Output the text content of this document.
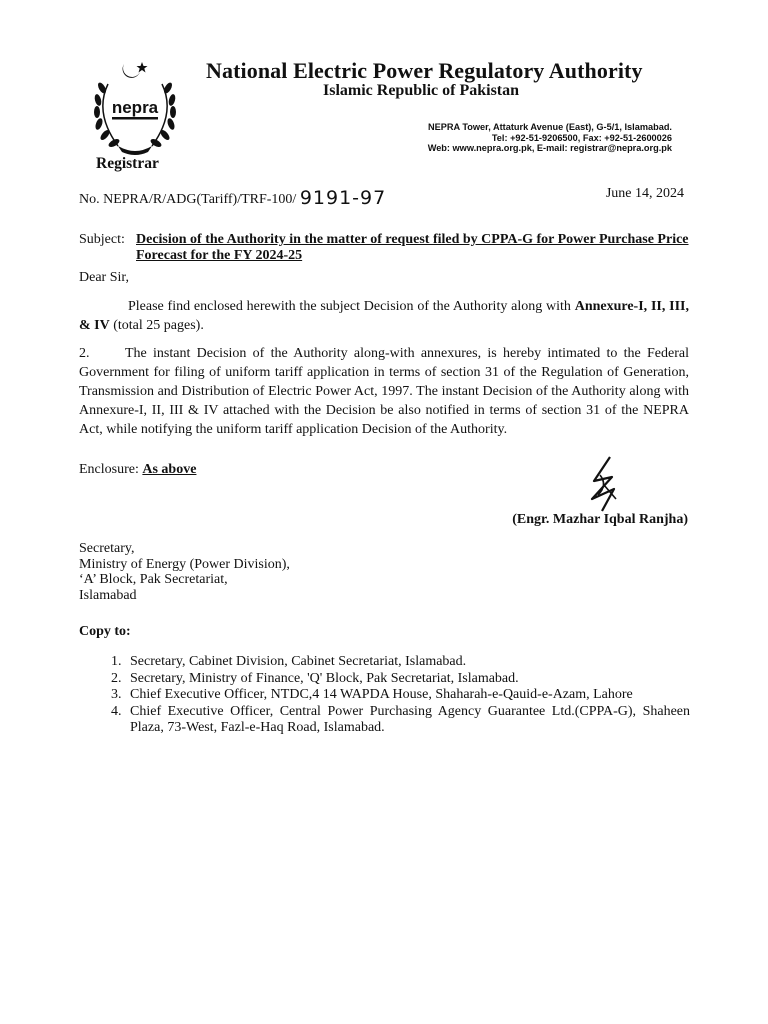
nepra
Registrar
National Electric Power Regulatory Authority
Islamic Republic of Pakistan
NEPRA Tower, Attaturk Avenue (East), G-5/1, Islamabad.
Tel: +92-51-9206500, Fax: +92-51-2600026
Web: www.nepra.org.pk, E-mail: registrar@nepra.org.pk
No. NEPRA/R/ADG(Tariff)/TRF-100/ 9191-97	June 14, 2024
Subject: Decision of the Authority in the matter of request filed by CPPA-G for Power Purchase Price Forecast for the FY 2024-25
Dear Sir,
Please find enclosed herewith the subject Decision of the Authority along with Annexure-I, II, III, & IV (total 25 pages).
2.	The instant Decision of the Authority along-with annexures, is hereby intimated to the Federal Government for filing of uniform tariff application in terms of section 31 of the Regulation of Generation, Transmission and Distribution of Electric Power Act, 1997. The instant Decision of the Authority along with Annexure-I, II, III & IV attached with the Decision be also notified in terms of section 31 of the NEPRA Act, while notifying the uniform tariff application Decision of the Authority.
Enclosure: As above
(Engr. Mazhar Iqbal Ranjha)
Secretary,
Ministry of Energy (Power Division),
‘A’ Block, Pak Secretariat,
Islamabad
Copy to:
1. Secretary, Cabinet Division, Cabinet Secretariat, Islamabad.
2. Secretary, Ministry of Finance, 'Q' Block, Pak Secretariat, Islamabad.
3. Chief Executive Officer, NTDC,4 14 WAPDA House, Shaharah-e-Qauid-e-Azam, Lahore
4. Chief Executive Officer, Central Power Purchasing Agency Guarantee Ltd.(CPPA-G), Shaheen Plaza, 73-West, Fazl-e-Haq Road, Islamabad.
